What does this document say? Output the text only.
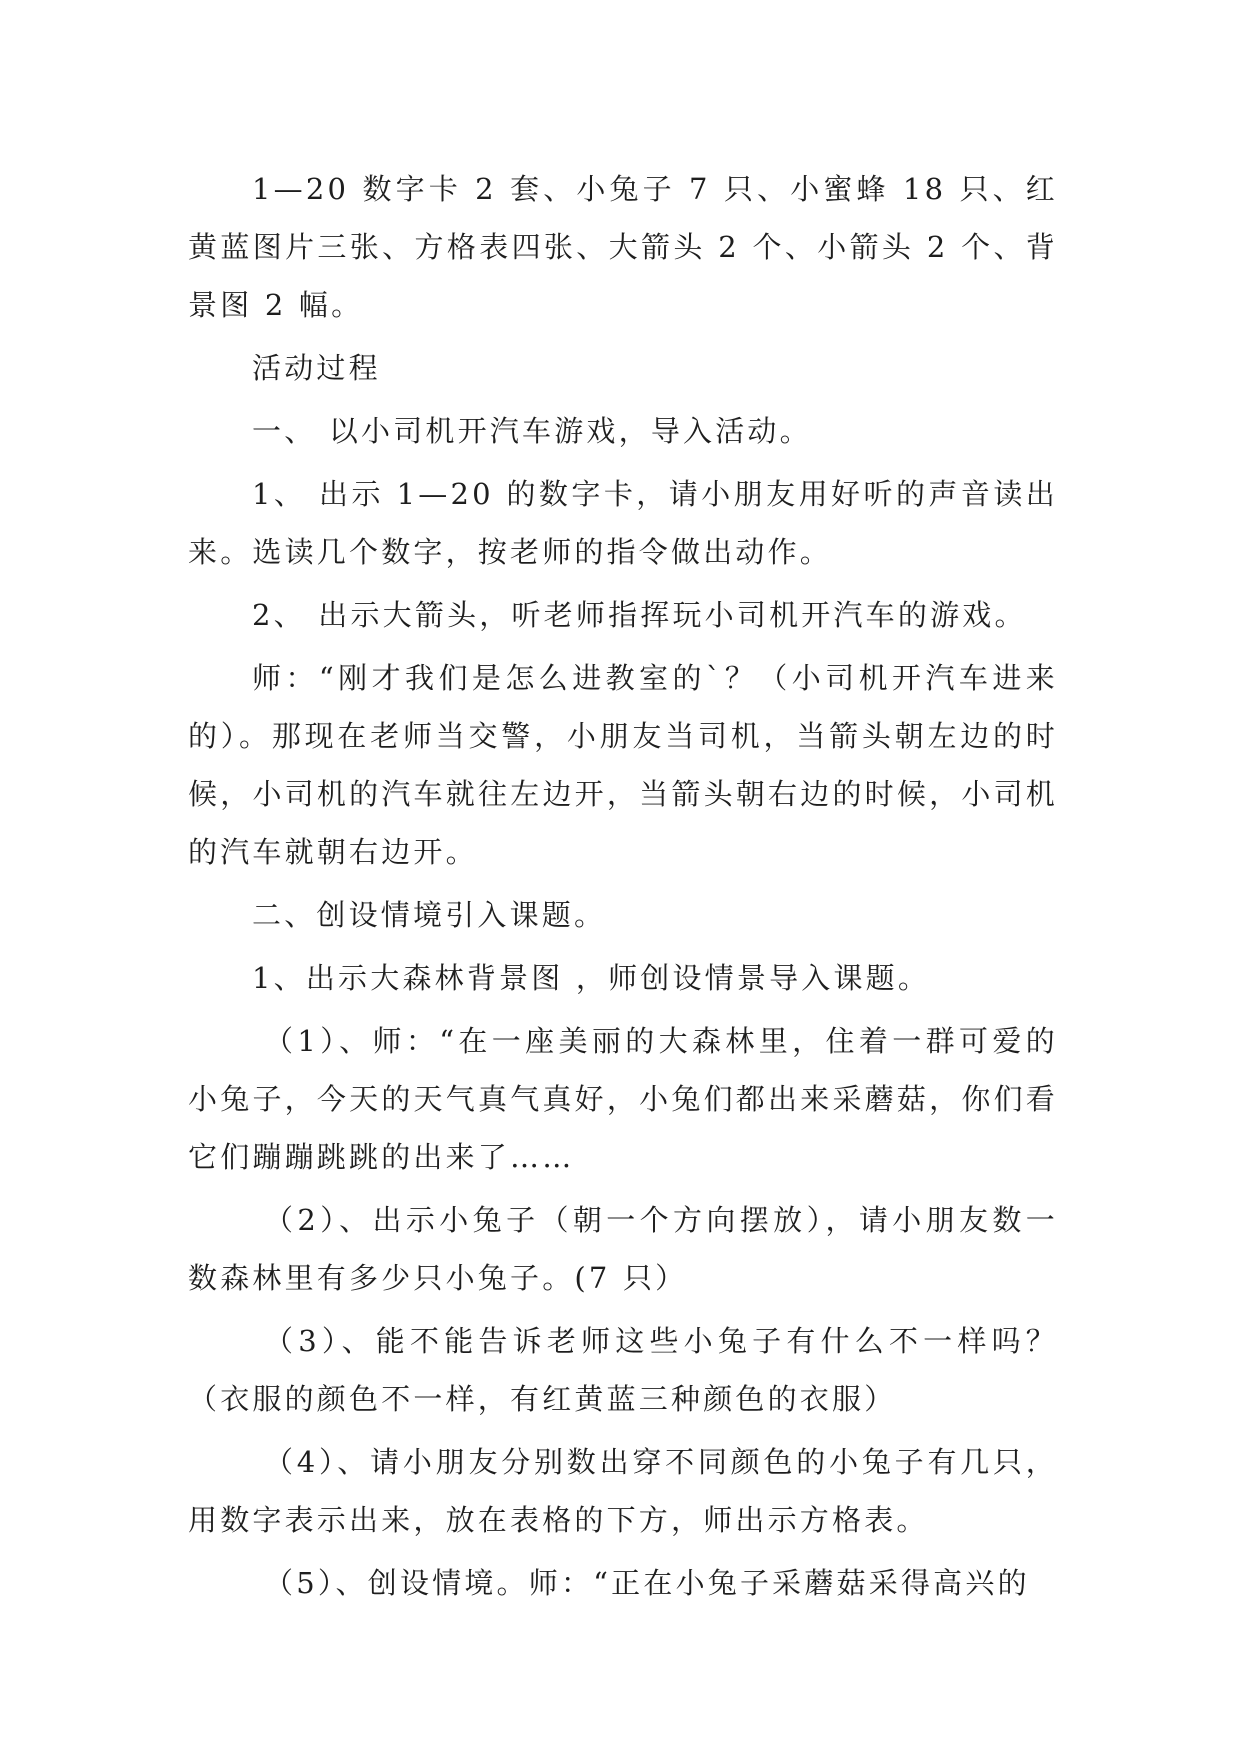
1—20 数字卡 2 套、小兔子 7 只、小蜜蜂 18 只、红黄蓝图片三张、方格表四张、大箭头 2 个、小箭头 2 个、背景图 2 幅。

活动过程

一、 以小司机开汽车游戏，导入活动。

1、 出示 1—20 的数字卡，请小朋友用好听的声音读出来。选读几个数字，按老师的指令做出动作。

2、 出示大箭头，听老师指挥玩小司机开汽车的游戏。

师：“刚才我们是怎么进教室的`？（小司机开汽车进来的）。那现在老师当交警，小朋友当司机，当箭头朝左边的时候，小司机的汽车就往左边开，当箭头朝右边的时候，小司机的汽车就朝右边开。

二、创设情境引入课题。

1、出示大森林背景图 ，师创设情景导入课题。

（1）、师：“在一座美丽的大森林里，住着一群可爱的小兔子，今天的天气真气真好，小兔们都出来采蘑菇，你们看它们蹦蹦跳跳的出来了……

（2）、出示小兔子（朝一个方向摆放），请小朋友数一数森林里有多少只小兔子。(7 只）

（3）、能不能告诉老师这些小兔子有什么不一样吗？（衣服的颜色不一样，有红黄蓝三种颜色的衣服）

（4）、请小朋友分别数出穿不同颜色的小兔子有几只，用数字表示出来，放在表格的下方，师出示方格表。

（5）、创设情境。师：“正在小兔子采蘑菇采得高兴的
